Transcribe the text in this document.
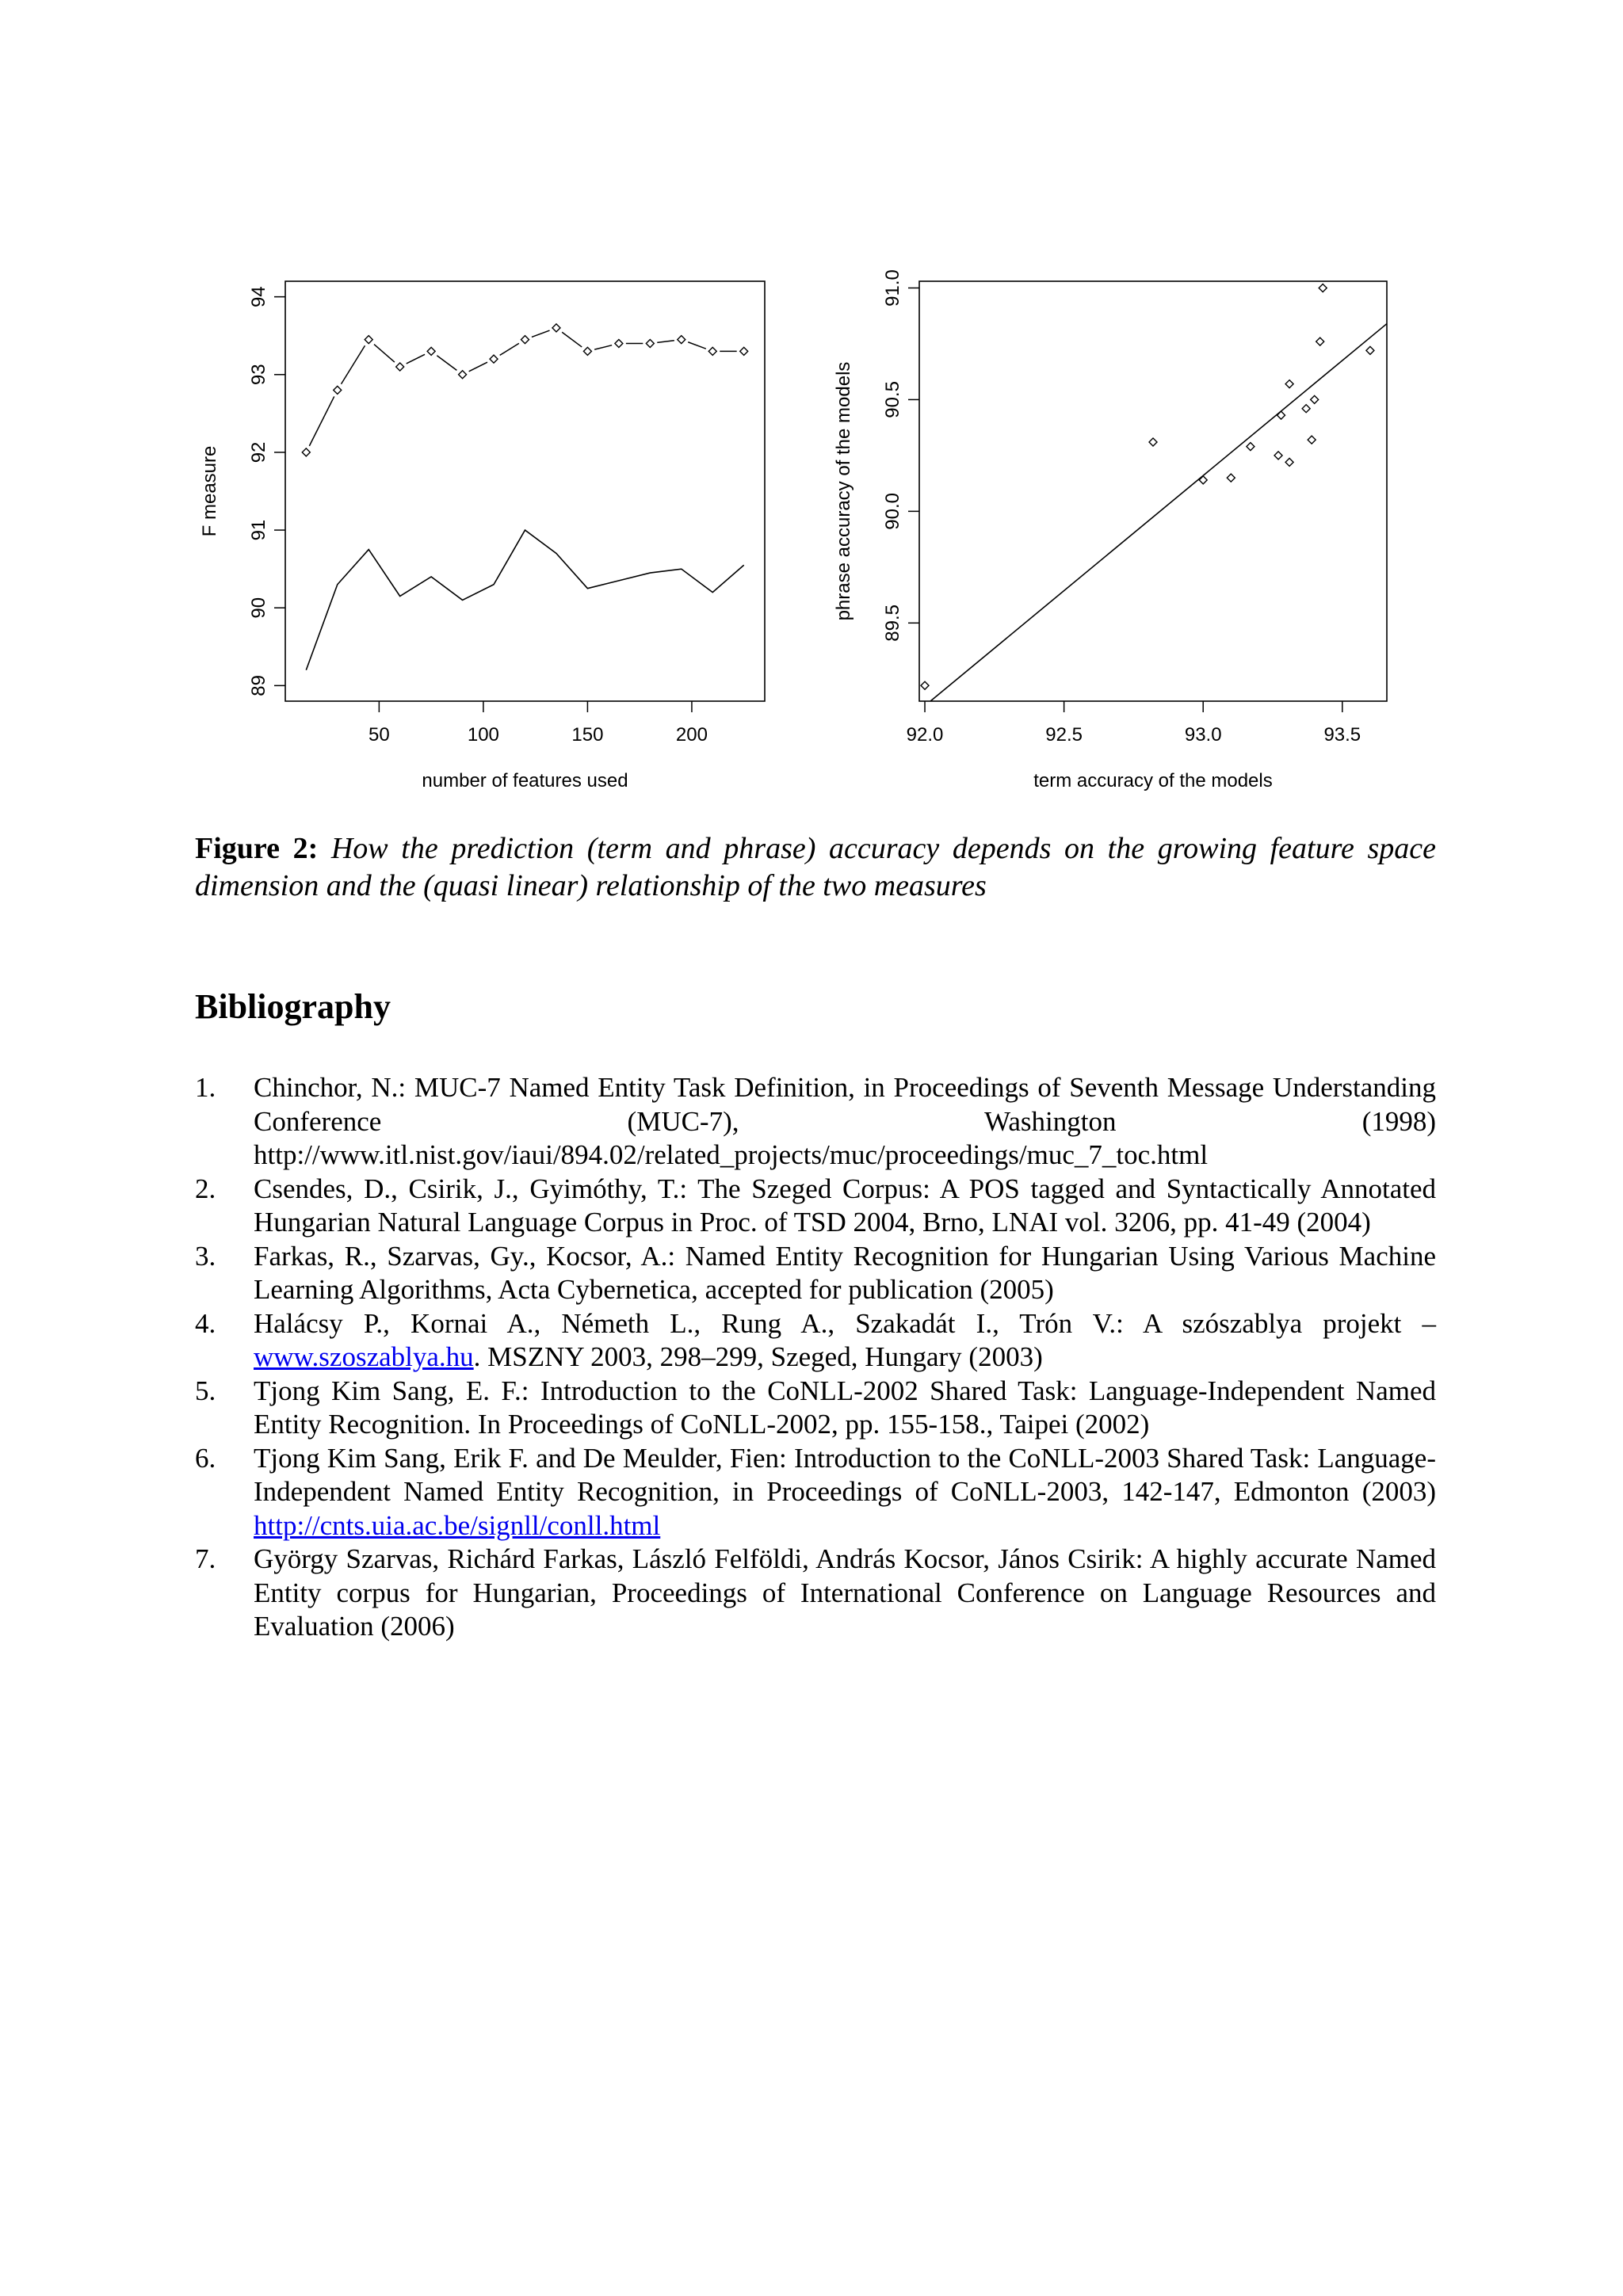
50	100	150	200
89
90
91
92
93
94
number of features used
F measure
92.0	92.5	93.0	93.5
89.5
90.0
90.5
91.0
term accuracy of the models
phrase accuracy of the models
Figure 2: How the prediction (term and phrase) accuracy depends on the growing feature space dimension and the (quasi linear) relationship of the two measures
Bibliography
1. Chinchor, N.: MUC-7 Named Entity Task Definition, in Proceedings of Seventh Message Understanding Conference (MUC-7), Washington (1998) http://www.itl.nist.gov/iaui/894.02/related_projects/muc/proceedings/muc_7_toc.html
2. Csendes, D., Csirik, J., Gyimóthy, T.: The Szeged Corpus: A POS tagged and Syntactically Annotated Hungarian Natural Language Corpus in Proc. of TSD 2004, Brno, LNAI vol. 3206, pp. 41-49 (2004)
3. Farkas, R., Szarvas, Gy., Kocsor, A.: Named Entity Recognition for Hungarian Using Various Machine Learning Algorithms, Acta Cybernetica, accepted for publication (2005)
4. Halácsy P., Kornai A., Németh L., Rung A., Szakadát I., Trón V.: A szószablya projekt – www.szoszablya.hu. MSZNY 2003, 298–299, Szeged, Hungary (2003)
5. Tjong Kim Sang, E. F.: Introduction to the CoNLL-2002 Shared Task: Language-Independent Named Entity Recognition. In Proceedings of CoNLL-2002, pp. 155-158., Taipei (2002)
6. Tjong Kim Sang, Erik F. and De Meulder, Fien: Introduction to the CoNLL-2003 Shared Task: Language-Independent Named Entity Recognition, in Proceedings of CoNLL-2003, 142-147, Edmonton (2003) http://cnts.uia.ac.be/signll/conll.html
7. György Szarvas, Richárd Farkas, László Felföldi, András Kocsor, János Csirik: A highly accurate Named Entity corpus for Hungarian, Proceedings of International Conference on Language Resources and Evaluation (2006)
